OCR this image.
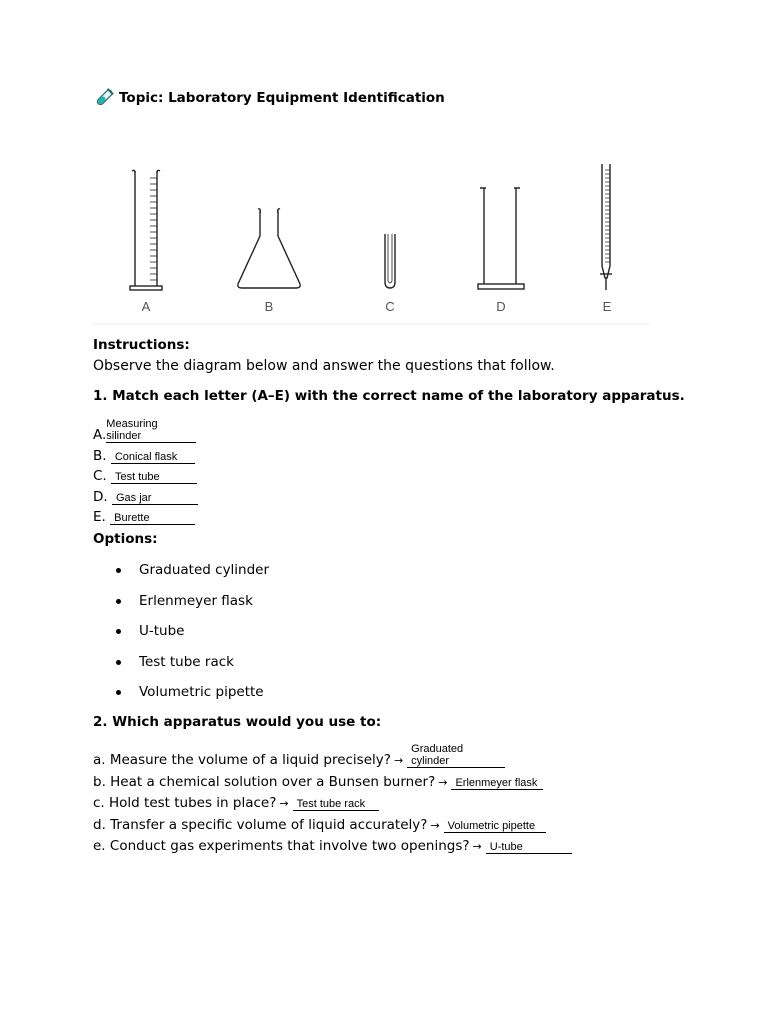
Topic: Laboratory Equipment Identification
A	B	C	D	E
Instructions:
Observe the diagram below and answer the questions that follow.
1. Match each letter (A–E) with the correct name of the laboratory apparatus.
A.Measuring silinder
B. Conical flask
C. Test tube
D. Gas jar
E. Burette
Options:
Graduated cylinder
Erlenmeyer flask
U-tube
Test tube rack
Volumetric pipette
2. Which apparatus would you use to:
a. Measure the volume of a liquid precisely? →Graduated cylinder
b. Heat a chemical solution over a Bunsen burner? → Erlenmeyer flask
c. Hold test tubes in place? → Test tube rack
d. Transfer a specific volume of liquid accurately? → Volumetric pipette
e. Conduct gas experiments that involve two openings? → U-tube
